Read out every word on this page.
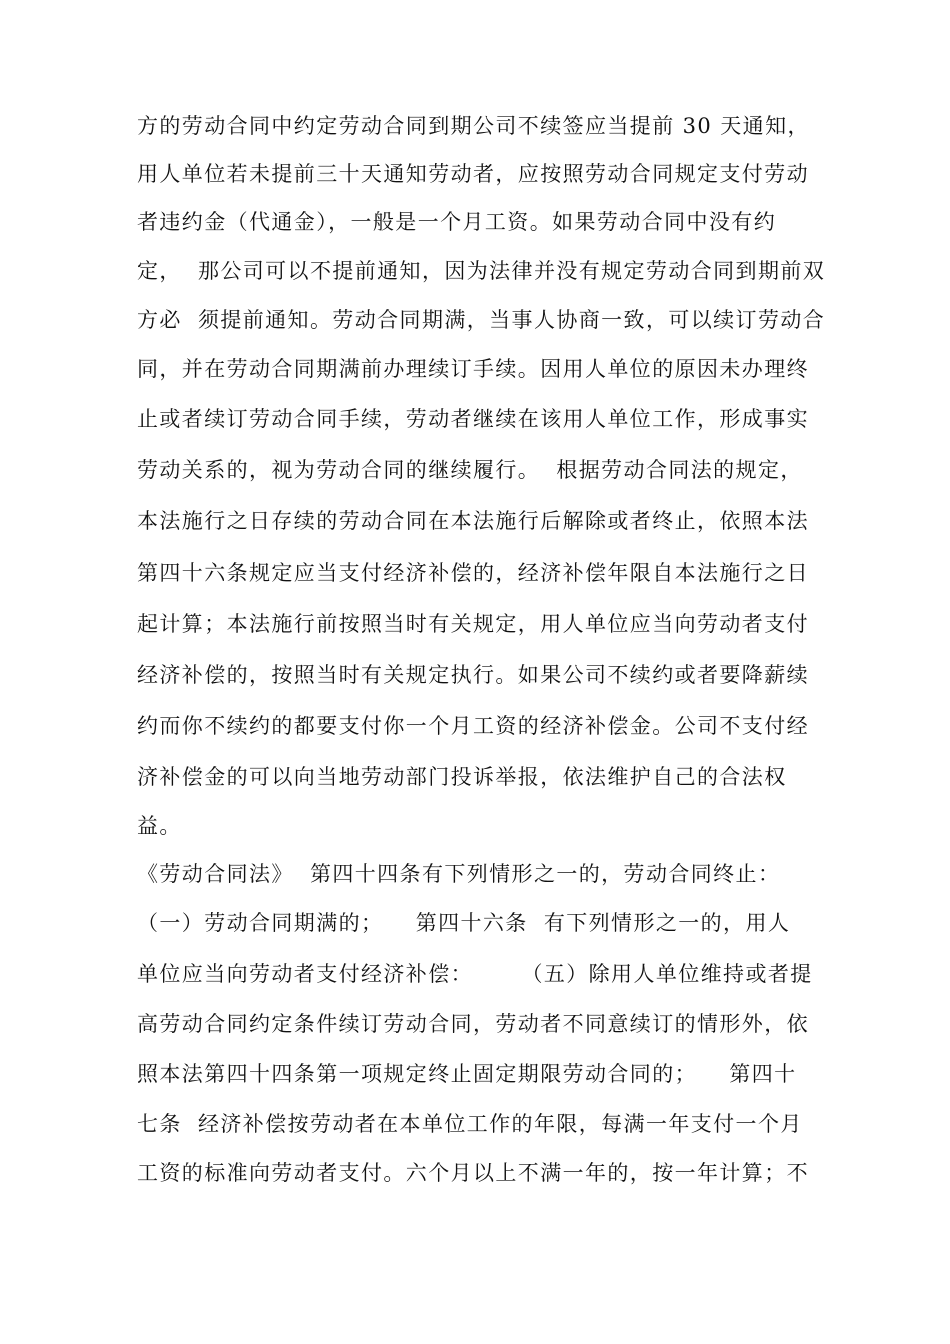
方的劳动合同中约定劳动合同到期公司不续签应当提前 30 天通知，
用人单位若未提前三十天通知劳动者，应按照劳动合同规定支付劳动
者违约金（代通金），一般是一个月工资。如果劳动合同中没有约
定，  那公司可以不提前通知，因为法律并没有规定劳动合同到期前双
方必  须提前通知。劳动合同期满，当事人协商一致，可以续订劳动合
同，并在劳动合同期满前办理续订手续。因用人单位的原因未办理终
止或者续订劳动合同手续，劳动者继续在该用人单位工作，形成事实
劳动关系的，视为劳动合同的继续履行。  根据劳动合同法的规定，
本法施行之日存续的劳动合同在本法施行后解除或者终止，依照本法
第四十六条规定应当支付经济补偿的，经济补偿年限自本法施行之日
起计算；本法施行前按照当时有关规定，用人单位应当向劳动者支付
经济补偿的，按照当时有关规定执行。如果公司不续约或者要降薪续
约而你不续约的都要支付你一个月工资的经济补偿金。公司不支付经
济补偿金的可以向当地劳动部门投诉举报，依法维护自己的合法权
益。
《劳动合同法》  第四十四条有下列情形之一的，劳动合同终止：
（一）劳动合同期满的；    第四十六条  有下列情形之一的，用人
单位应当向劳动者支付经济补偿：      （五）除用人单位维持或者提
高劳动合同约定条件续订劳动合同，劳动者不同意续订的情形外，依
照本法第四十四条第一项规定终止固定期限劳动合同的；    第四十
七条  经济补偿按劳动者在本单位工作的年限，每满一年支付一个月
工资的标准向劳动者支付。六个月以上不满一年的，按一年计算；不
